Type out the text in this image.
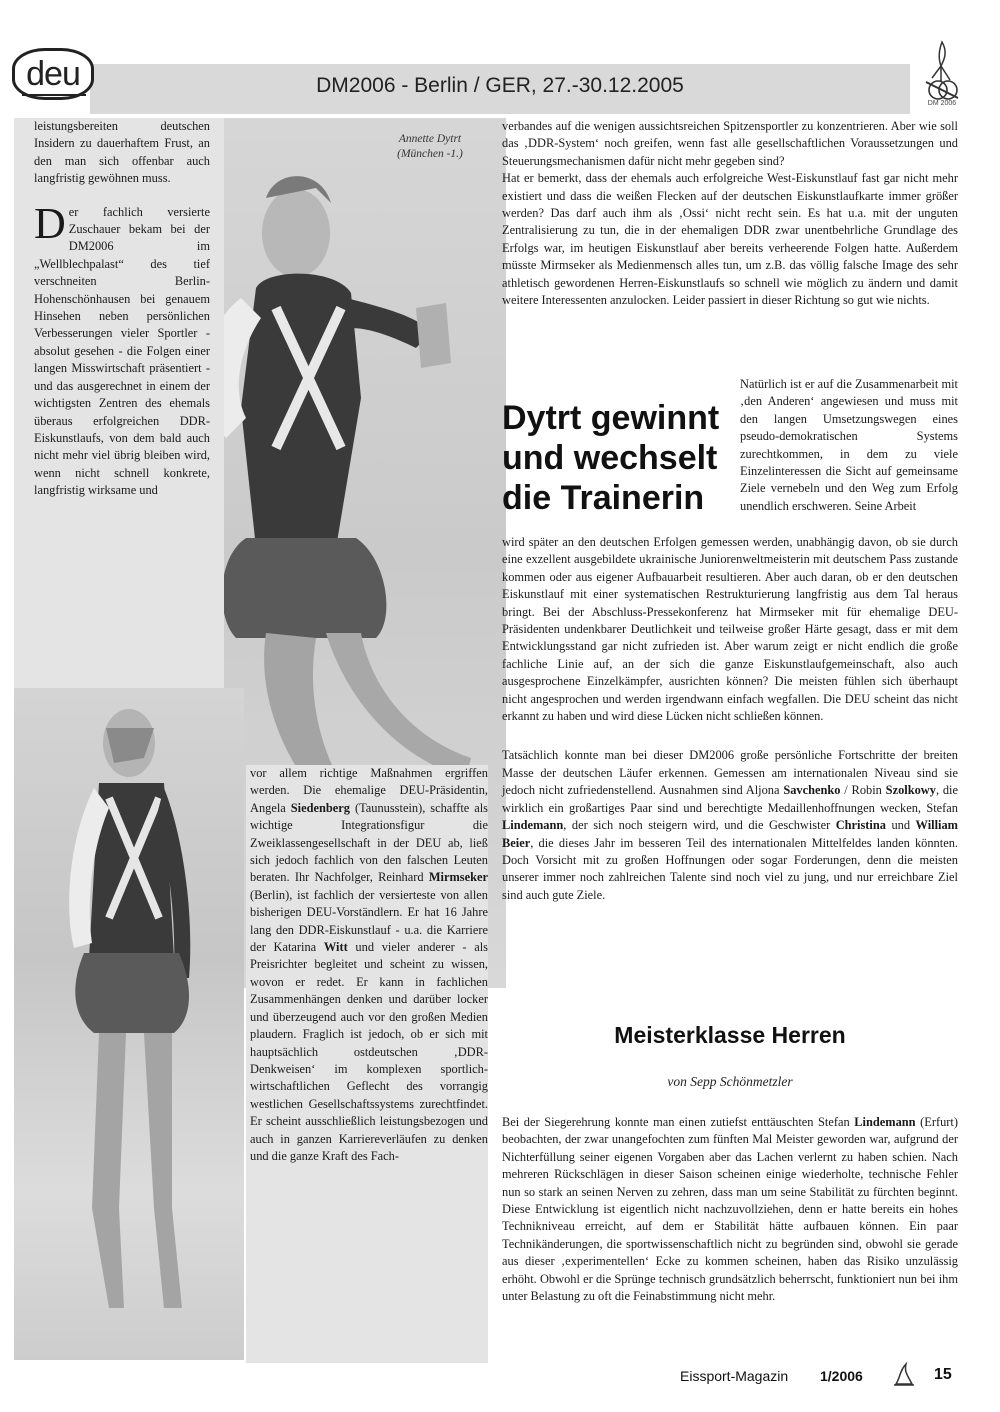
DM2006 - Berlin / GER, 27.-30.12.2005
deu
DM 2006
Annette Dytrt
(München -1.)

leistungsbereiten deutschen Insidern zu dauerhaftem Frust, an den man sich offenbar auch langfristig gewöhnen muss.

Der fachlich versierte Zuschauer bekam bei der DM2006 im „Wellblechpalast“ des tief verschneiten Berlin-Hohenschönhausen bei genauem Hinsehen neben persönlichen Verbesserungen vieler Sportler - absolut gesehen - die Folgen einer langen Misswirtschaft präsentiert - und das ausgerechnet in einem der wichtigsten Zentren des ehemals überaus erfolgreichen DDR-Eiskunstlaufs, von dem bald auch nicht mehr viel übrig bleiben wird, wenn nicht schnell konkrete, langfristig wirksame und

vor allem richtige Maßnahmen ergriffen werden. Die ehemalige DEU-Präsidentin, Angela Siedenberg (Taunusstein), schaffte als wichtige Integrationsfigur die Zweiklassengesellschaft in der DEU ab, ließ sich jedoch fachlich von den falschen Leuten beraten. Ihr Nachfolger, Reinhard Mirmseker (Berlin), ist fachlich der versierteste von allen bisherigen DEU-Vorständlern. Er hat 16 Jahre lang den DDR-Eiskunstlauf - u.a. die Karriere der Katarina Witt und vieler anderer - als Preisrichter begleitet und scheint zu wissen, wovon er redet. Er kann in fachlichen Zusammenhängen denken und darüber locker und überzeugend auch vor den großen Medien plaudern. Fraglich ist jedoch, ob er sich mit hauptsächlich ostdeutschen ‚DDR-Denkweisen‘ im komplexen sportlich-wirtschaftlichen Geflecht des vorrangig westlichen Gesellschaftssystems zurechtfindet. Er scheint ausschließlich leistungsbezogen und auch in ganzen Karriereverläufen zu denken und die ganze Kraft des Fach-

verbandes auf die wenigen aussichtsreichen Spitzensportler zu konzentrieren. Aber wie soll das ‚DDR-System‘ noch greifen, wenn fast alle gesellschaftlichen Voraussetzungen und Steuerungsmechanismen dafür nicht mehr gegeben sind?

Hat er bemerkt, dass der ehemals auch erfolgreiche West-Eiskunstlauf fast gar nicht mehr existiert und dass die weißen Flecken auf der deutschen Eiskunstlaufkarte immer größer werden? Das darf auch ihm als ‚Ossi‘ nicht recht sein. Es hat u.a. mit der unguten Zentralisierung zu tun, die in der ehemaligen DDR zwar unentbehrliche Grundlage des Erfolgs war, im heutigen Eiskunstlauf aber bereits verheerende Folgen hatte. Außerdem müsste Mirmseker als Medienmensch alles tun, um z.B. das völlig falsche Image des sehr athletisch gewordenen Herren-Eiskunstlaufs so schnell wie möglich zu ändern und damit weitere Interessenten anzulocken. Leider passiert in dieser Richtung so gut wie nichts.

Dytrt gewinnt
und wechselt
die Trainerin
Natürlich ist er auf die Zusammenarbeit mit ‚den Anderen‘ angewiesen und muss mit den langen Umsetzungswegen eines pseudo-demokratischen Systems zurechtkommen, in dem zu viele Einzelinteressen die Sicht auf gemeinsame Ziele vernebeln und den Weg zum Erfolg unendlich erschweren. Seine Arbeit

wird später an den deutschen Erfolgen gemessen werden, unabhängig davon, ob sie durch eine exzellent ausgebildete ukrainische Juniorenweltmeisterin mit deutschem Pass zustande kommen oder aus eigener Aufbauarbeit resultieren. Aber auch daran, ob er den deutschen Eiskunstlauf mit einer systematischen Restrukturierung langfristig aus dem Tal heraus bringt. Bei der Abschluss-Pressekonferenz hat Mirmseker mit für ehemalige DEU-Präsidenten undenkbarer Deutlichkeit und teilweise großer Härte gesagt, dass er mit dem Entwicklungsstand gar nicht zufrieden ist. Aber warum zeigt er nicht endlich die große fachliche Linie auf, an der sich die ganze Eiskunstlaufgemeinschaft, also auch ausgesprochene Einzelkämpfer, ausrichten können? Die meisten fühlen sich überhaupt nicht angesprochen und werden irgendwann einfach wegfallen. Die DEU scheint das nicht erkannt zu haben und wird diese Lücken nicht schließen können.

Tatsächlich konnte man bei dieser DM2006 große persönliche Fortschritte der breiten Masse der deutschen Läufer erkennen. Gemessen am internationalen Niveau sind sie jedoch nicht zufriedenstellend. Ausnahmen sind Aljona Savchenko / Robin Szolkowy, die wirklich ein großartiges Paar sind und berechtigte Medaillenhoffnungen wecken, Stefan Lindemann, der sich noch steigern wird, und die Geschwister Christina und William Beier, die dieses Jahr im besseren Teil des internationalen Mittelfeldes landen könnten. Doch Vorsicht mit zu großen Hoffnungen oder sogar Forderungen, denn die meisten unserer immer noch zahlreichen Talente sind noch viel zu jung, und nur erreichbare Ziel sind auch gute Ziele.

Meisterklasse Herren
von Sepp Schönmetzler

Bei der Siegerehrung konnte man einen zutiefst enttäuschten Stefan Lindemann (Erfurt) beobachten, der zwar unangefochten zum fünften Mal Meister geworden war, aufgrund der Nichterfüllung seiner eigenen Vorgaben aber das Lachen verlernt zu haben schien. Nach mehreren Rückschlägen in dieser Saison scheinen einige wiederholte, technische Fehler nun so stark an seinen Nerven zu zehren, dass man um seine Stabilität zu fürchten beginnt. Diese Entwicklung ist eigentlich nicht nachzuvollziehen, denn er hatte bereits ein hohes Technikniveau erreicht, auf dem er Stabilität hätte aufbauen können. Ein paar Technikänderungen, die sportwissenschaftlich nicht zu begründen sind, obwohl sie gerade aus dieser ‚experimentellen‘ Ecke zu kommen scheinen, haben das Risiko unzulässig erhöht. Obwohl er die Sprünge technisch grundsätzlich beherrscht, funktioniert nun bei ihm unter Belastung zu oft die Feinabstimmung nicht mehr.

Eissport-Magazin 1/2006	15
